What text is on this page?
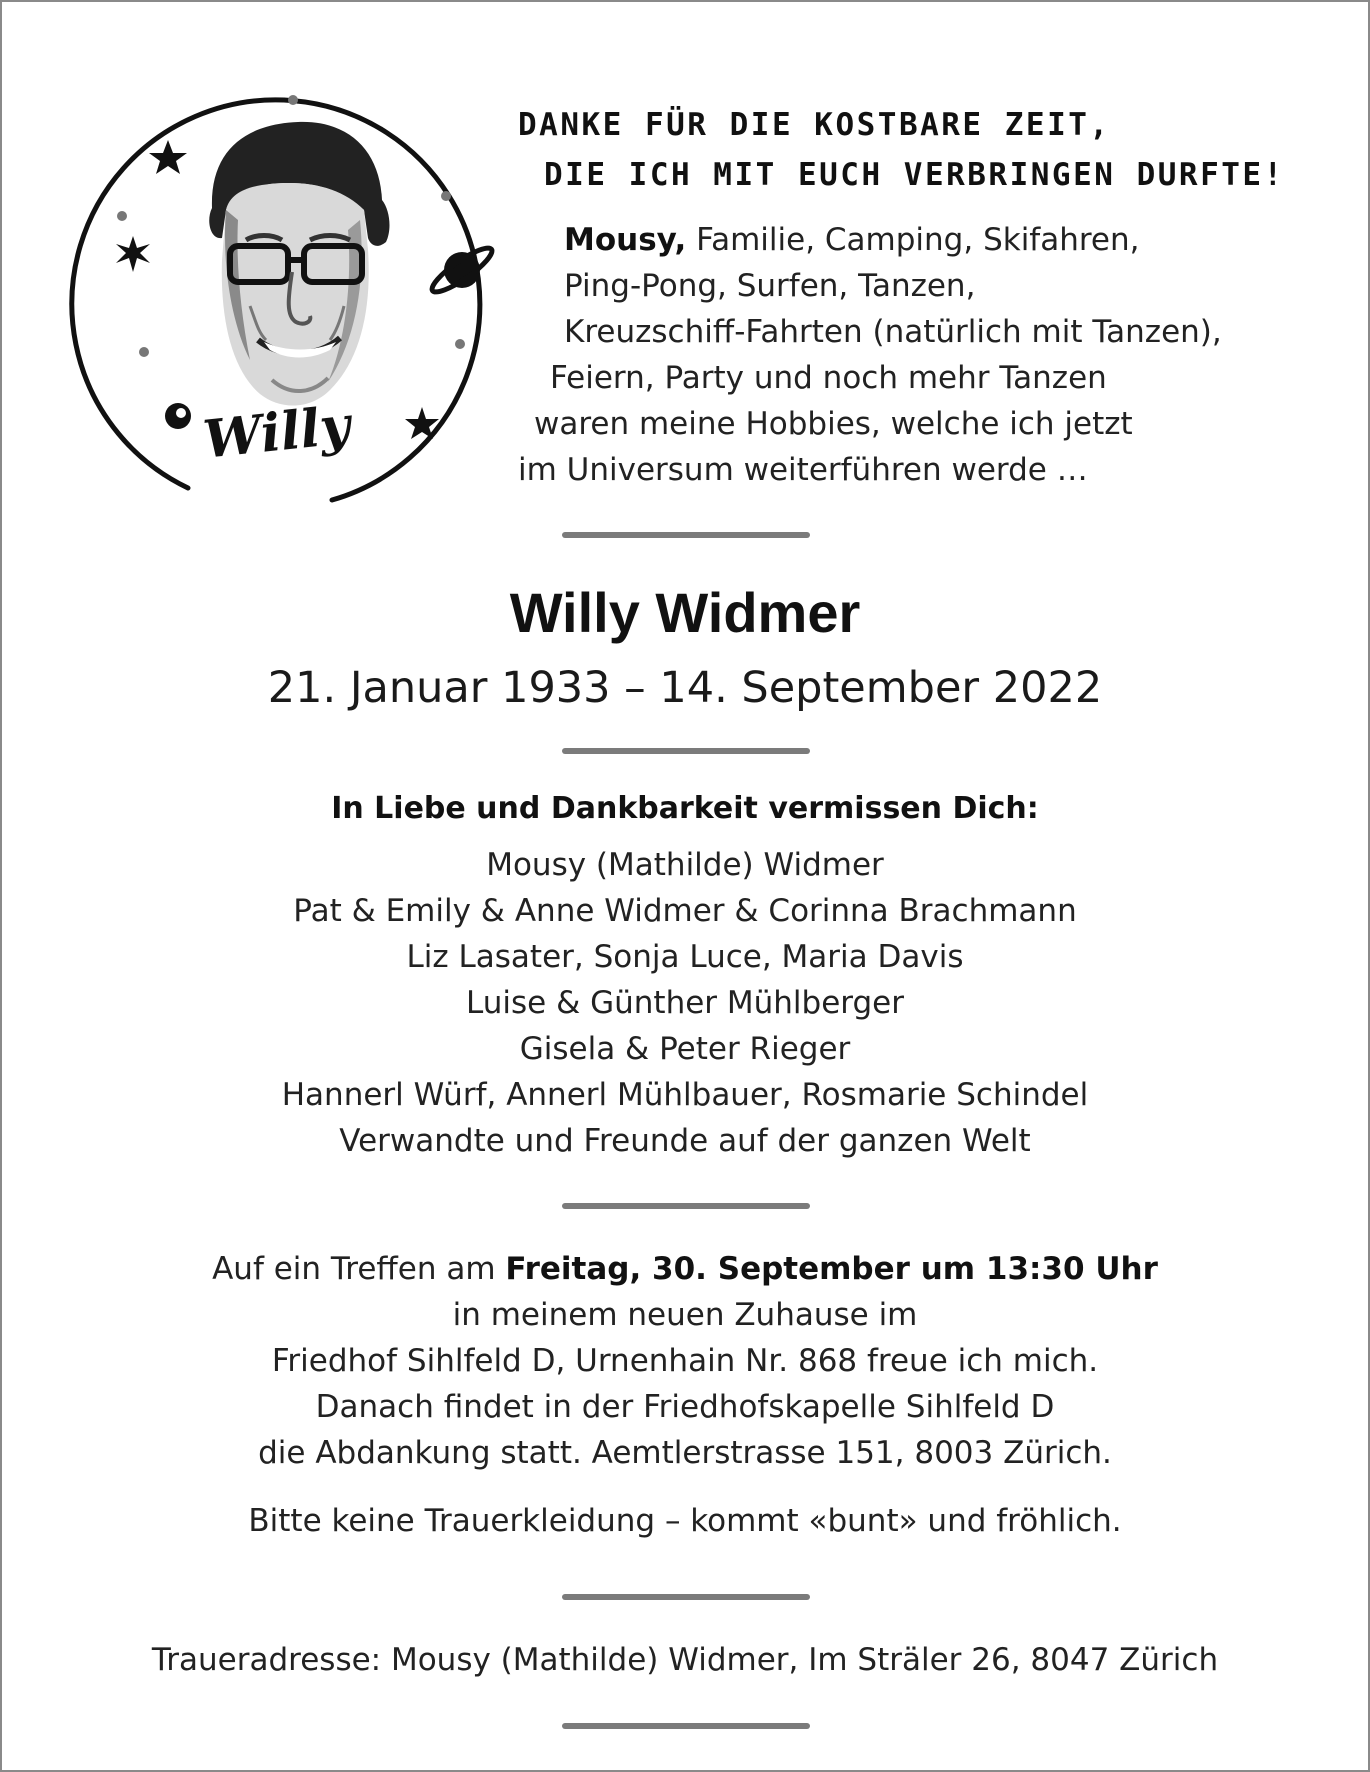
Willy
DANKE FÜR DIE KOSTBARE ZEIT,
DIE ICH MIT EUCH VERBRINGEN DURFTE!
Mousy, Familie, Camping, Skifahren,
Ping-Pong, Surfen, Tanzen,
Kreuzschiff-Fahrten (natürlich mit Tanzen),
Feiern, Party und noch mehr Tanzen
waren meine Hobbies, welche ich jetzt
im Universum weiterführen werde …
Willy Widmer
21. Januar 1933 – 14. September 2022
In Liebe und Dankbarkeit vermissen Dich:
Mousy (Mathilde) Widmer
Pat & Emily & Anne Widmer & Corinna Brachmann
Liz Lasater, Sonja Luce, Maria Davis
Luise & Günther Mühlberger
Gisela & Peter Rieger
Hannerl Würf, Annerl Mühlbauer, Rosmarie Schindel
Verwandte und Freunde auf der ganzen Welt
Auf ein Treffen am Freitag, 30. September um 13:30 Uhr
in meinem neuen Zuhause im
Friedhof Sihlfeld D, Urnenhain Nr. 868 freue ich mich.
Danach findet in der Friedhofskapelle Sihlfeld D
die Abdankung statt. Aemtlerstrasse 151, 8003 Zürich.
Bitte keine Trauerkleidung – kommt «bunt» und fröhlich.
Traueradresse: Mousy (Mathilde) Widmer, Im Sträler 26, 8047 Zürich
